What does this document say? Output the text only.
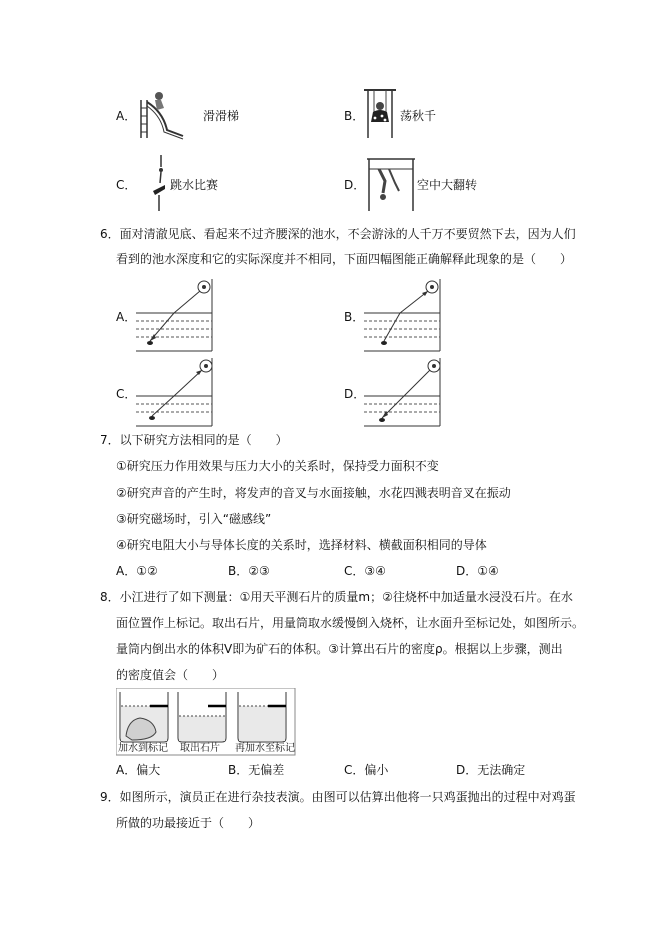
A．	滑滑梯	B．	荡秋千
C．	跳水比赛	D．	空中大翻转
6．面对清澈见底、看起来不过齐腰深的池水，不会游泳的人千万不要贸然下去，因为人们
看到的池水深度和它的实际深度并不相同，下面四幅图能正确解释此现象的是（　　）
A．	B．
C．	D．
7．以下研究方法相同的是（　　）
①研究压力作用效果与压力大小的关系时，保持受力面积不变
②研究声音的产生时，将发声的音叉与水面接触，水花四溅表明音叉在振动
③研究磁场时，引入“磁感线”
④研究电阻大小与导体长度的关系时，选择材料、横截面积相同的导体
A．①②	B．②③	C．③④	D．①④
8．小江进行了如下测量：①用天平测石片的质量m；②往烧杯中加适量水浸没石片。在水
面位置作上标记。取出石片，用量筒取水缓慢倒入烧杯，让水面升至标记处，如图所示。
量筒内倒出水的体积V即为矿石的体积。③计算出石片的密度ρ。根据以上步骤，测出
的密度值会（　　）
加水到标记 取出石片 再加水至标记
A．偏大	B．无偏差	C．偏小	D．无法确定
9．如图所示，演员正在进行杂技表演。由图可以估算出他将一只鸡蛋抛出的过程中对鸡蛋
所做的功最接近于（　　）
